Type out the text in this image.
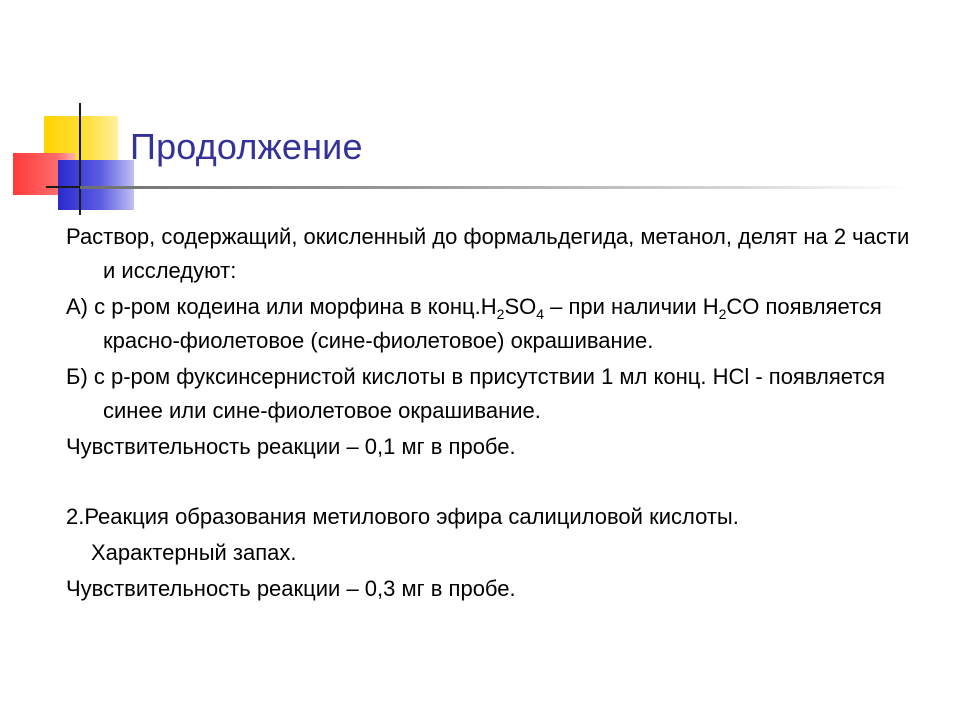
Продолжение

Раствор, содержащий, окисленный до формальдегида, метанол, делят на 2 части и исследуют:

А) с р-ром кодеина или морфина в $конц.H_2SO_4$ – при наличии $H_2CO$ появляется красно-фиолетовое (сине-фиолетовое) окрашивание.

Б) с р-ром фуксинсернистой кислоты в присутствии 1 мл конц. HCl - появляется синее или сине-фиолетовое окрашивание.

Чувствительность реакции – 0,1 мг в пробе.

2.Реакция образования метилового эфира салициловой кислоты.

Характерный запах.

Чувствительность реакции – 0,3 мг в пробе.
